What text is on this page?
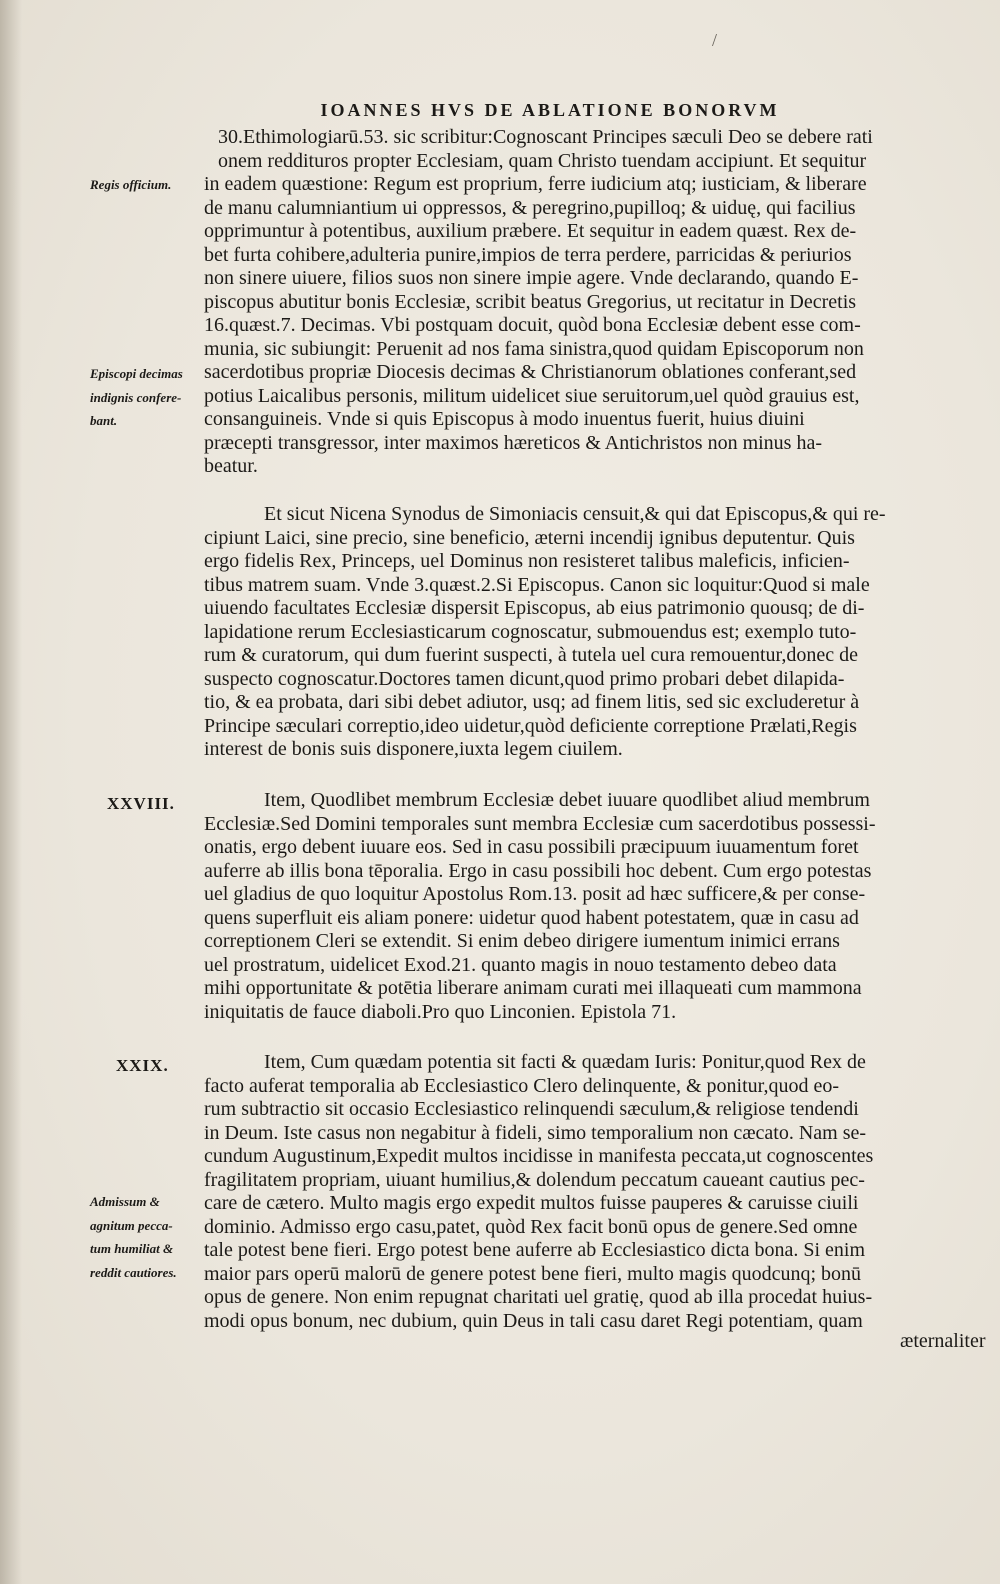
/
IOANNES HVS DE ABLATIONE BONORVM
30.Ethimologiarū.53. sic scribitur:Cognoscant Principes sæculi Deo se debere rati
onem reddituros propter Ecclesiam, quam Christo tuendam accipiunt. Et sequitur
in eadem quæstione: Regum est proprium, ferre iudicium atq; iusticiam, & liberare
de manu calumniantium ui oppressos, & peregrino,pupilloq; & uiduę, qui facilius
opprimuntur à potentibus, auxilium præbere. Et sequitur in eadem quæst. Rex de-
bet furta cohibere,adulteria punire,impios de terra perdere, parricidas & periurios
non sinere uiuere, filios suos non sinere impie agere. Vnde declarando, quando E-
piscopus abutitur bonis Ecclesiæ, scribit beatus Gregorius, ut recitatur in Decretis
16.quæst.7. Decimas. Vbi postquam docuit, quòd bona Ecclesiæ debent esse com-
munia, sic subiungit: Peruenit ad nos fama sinistra,quod quidam Episcoporum non
sacerdotibus propriæ Diocesis decimas & Christianorum oblationes conferant,sed
potius Laicalibus personis, militum uidelicet siue seruitorum,uel quòd grauius est,
consanguineis. Vnde si quis Episcopus à modo inuentus fuerit, huius diuini
præcepti transgressor, inter maximos hæreticos & Antichristos non minus ha-
beatur.
Regis officium.
Episcopi decimas
indignis confere-
bant.
Et sicut Nicena Synodus de Simoniacis censuit,& qui dat Episcopus,& qui re-
cipiunt Laici, sine precio, sine beneficio, æterni incendij ignibus deputentur. Quis
ergo fidelis Rex, Princeps, uel Dominus non resisteret talibus maleficis, inficien-
tibus matrem suam. Vnde 3.quæst.2.Si Episcopus. Canon sic loquitur:Quod si male
uiuendo facultates Ecclesiæ dispersit Episcopus, ab eius patrimonio quousq; de di-
lapidatione rerum Ecclesiasticarum cognoscatur, submouendus est; exemplo tuto-
rum & curatorum, qui dum fuerint suspecti, à tutela uel cura remouentur,donec de
suspecto cognoscatur.Doctores tamen dicunt,quod primo probari debet dilapida-
tio, & ea probata, dari sibi debet adiutor, usq; ad finem litis, sed sic excluderetur à
Principe sæculari correptio,ideo uidetur,quòd deficiente correptione Prælati,Regis
interest de bonis suis disponere,iuxta legem ciuilem.
XXVIII.	Item, Quodlibet membrum Ecclesiæ debet iuuare quodlibet aliud membrum
Ecclesiæ.Sed Domini temporales sunt membra Ecclesiæ cum sacerdotibus possessi-
onatis, ergo debent iuuare eos. Sed in casu possibili præcipuum iuuamentum foret
auferre ab illis bona tēporalia. Ergo in casu possibili hoc debent. Cum ergo potestas
uel gladius de quo loquitur Apostolus Rom.13. posit ad hæc sufficere,& per conse-
quens superfluit eis aliam ponere: uidetur quod habent potestatem, quæ in casu ad
correptionem Cleri se extendit. Si enim debeo dirigere iumentum inimici errans
uel prostratum, uidelicet Exod.21. quanto magis in nouo testamento debeo data
mihi opportunitate & potētia liberare animam curati mei illaqueati cum mammona
iniquitatis de fauce diaboli.Pro quo Linconien. Epistola 71.
XXIX.	Item, Cum quædam potentia sit facti & quædam Iuris: Ponitur,quod Rex de
facto auferat temporalia ab Ecclesiastico Clero delinquente, & ponitur,quod eo-
rum subtractio sit occasio Ecclesiastico relinquendi sæculum,& religiose tendendi
in Deum. Iste casus non negabitur à fideli, simo temporalium non cæcato. Nam se-
cundum Augustinum,Expedit multos incidisse in manifesta peccata,ut cognoscentes
fragilitatem propriam, uiuant humilius,& dolendum peccatum caueant cautius pec-
care de cætero. Multo magis ergo expedit multos fuisse pauperes & caruisse ciuili
dominio. Admisso ergo casu,patet, quòd Rex facit bonū opus de genere.Sed omne
tale potest bene fieri. Ergo potest bene auferre ab Ecclesiastico dicta bona. Si enim
maior pars operū malorū de genere potest bene fieri, multo magis quodcunq; bonū
opus de genere. Non enim repugnat charitati uel gratię, quod ab illa procedat huius-
modi opus bonum, nec dubium, quin Deus in tali casu daret Regi potentiam, quam
Admissum &
agnitum pecca-
tum humiliat &
reddit cautiores.
æternaliter
